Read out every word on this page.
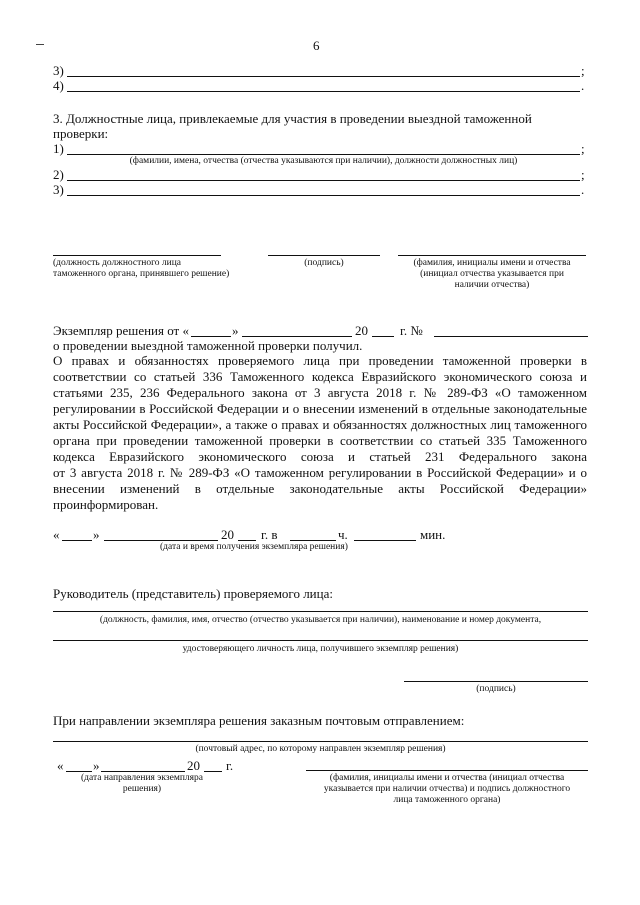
6
3)	;
4)	.
3. Должностные лица, привлекаемые для участия в проведении выездной таможенной
проверки:
1)	;
(фамилии, имена, отчества (отчества указываются при наличии), должности должностных лиц)
2)	;
3)	.
(должность должностного лица
таможенного органа, принявшего решение)
(подпись)	(фамилия, инициалы имени и отчества
(инициал отчества указывается при
наличии отчества)
Экземпляр решения от «	»	20 г. №
о проведении выездной таможенной проверки получил.
О правах и обязанностях проверяемого лица при проведении таможенной проверки в
соответствии со статьей 336 Таможенного кодекса Евразийского экономического союза и
статьями 235, 236 Федерального закона от 3 августа 2018 г. № 289-ФЗ «О таможенном
регулировании в Российской Федерации и о внесении изменений в отдельные законодательные
акты Российской Федерации», а также о правах и обязанностях должностных лиц таможенного
органа при проведении таможенной проверки в соответствии со статьей 335 Таможенного
кодекса Евразийского экономического союза и статьей 231 Федерального закона
от 3 августа 2018 г. № 289-ФЗ «О таможенном регулировании в Российской Федерации» и о
внесении изменений в отдельные законодательные акты Российской Федерации»
проинформирован.
«	»	20 г. в	ч.	мин.
(дата и время получения экземпляра решения)
Руководитель (представитель) проверяемого лица:
(должность, фамилия, имя, отчество (отчество указывается при наличии), наименование и номер документа,
удостоверяющего личность лица, получившего экземпляр решения)
(подпись)
При направлении экземпляра решения заказным почтовым отправлением:
(почтовый адрес, по которому направлен экземпляр решения)
« »	20 г.
(дата направления экземпляра
решения)
(фамилия, инициалы имени и отчества (инициал отчества
указывается при наличии отчества) и подпись должностного
лица таможенного органа)
